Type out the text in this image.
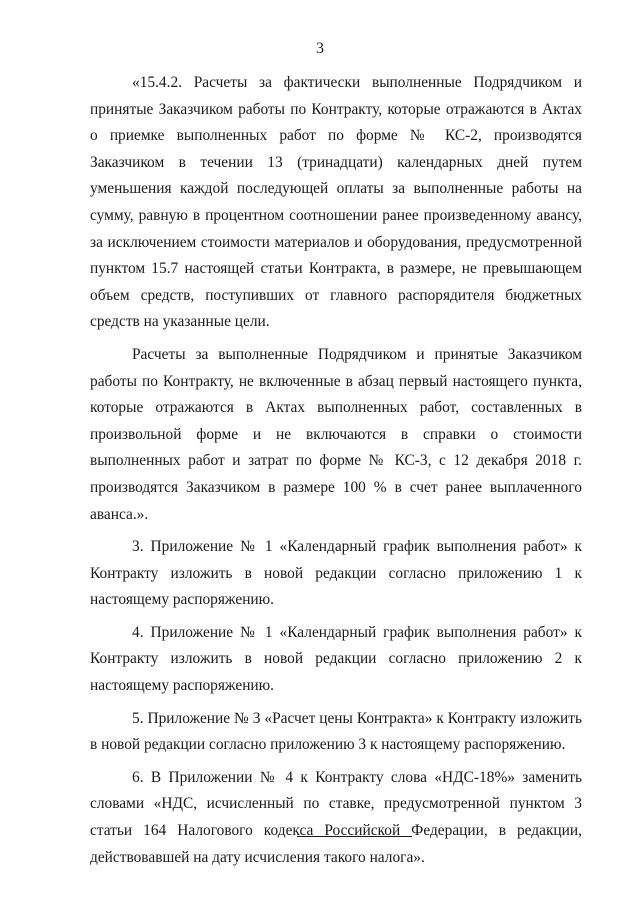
3

«15.4.2. Расчеты за фактически выполненные Подрядчиком и принятые Заказчиком работы по Контракту, которые отражаются в Актах о приемке выполненных работ по форме № КС-2, производятся Заказчиком в течении 13 (тринадцати) календарных дней путем уменьшения каждой последующей оплаты за выполненные работы на сумму, равную в процентном соотношении ранее произведенному авансу, за исключением стоимости материалов и оборудования, предусмотренной пунктом 15.7 настоящей статьи Контракта, в размере, не превышающем объем средств, поступивших от главного распорядителя бюджетных средств на указанные цели.

Расчеты за выполненные Подрядчиком и принятые Заказчиком работы по Контракту, не включенные в абзац первый настоящего пункта, которые отражаются в Актах выполненных работ, составленных в произвольной форме и не включаются в справки о стоимости выполненных работ и затрат по форме № КС-3, с 12 декабря 2018 г. производятся Заказчиком в размере 100 % в счет ранее выплаченного аванса.».

3. Приложение № 1 «Календарный график выполнения работ» к Контракту изложить в новой редакции согласно приложению 1 к настоящему распоряжению.

4. Приложение № 1 «Календарный график выполнения работ» к Контракту изложить в новой редакции согласно приложению 2 к настоящему распоряжению.

5. Приложение № 3 «Расчет цены Контракта» к Контракту изложить в новой редакции согласно приложению 3 к настоящему распоряжению.

6. В Приложении № 4 к Контракту слова «НДС-18%» заменить словами «НДС, исчисленный по ставке, предусмотренной пунктом 3 статьи 164 Налогового кодекса Российской Федерации, в редакции, действовавшей на дату исчисления такого налога».
